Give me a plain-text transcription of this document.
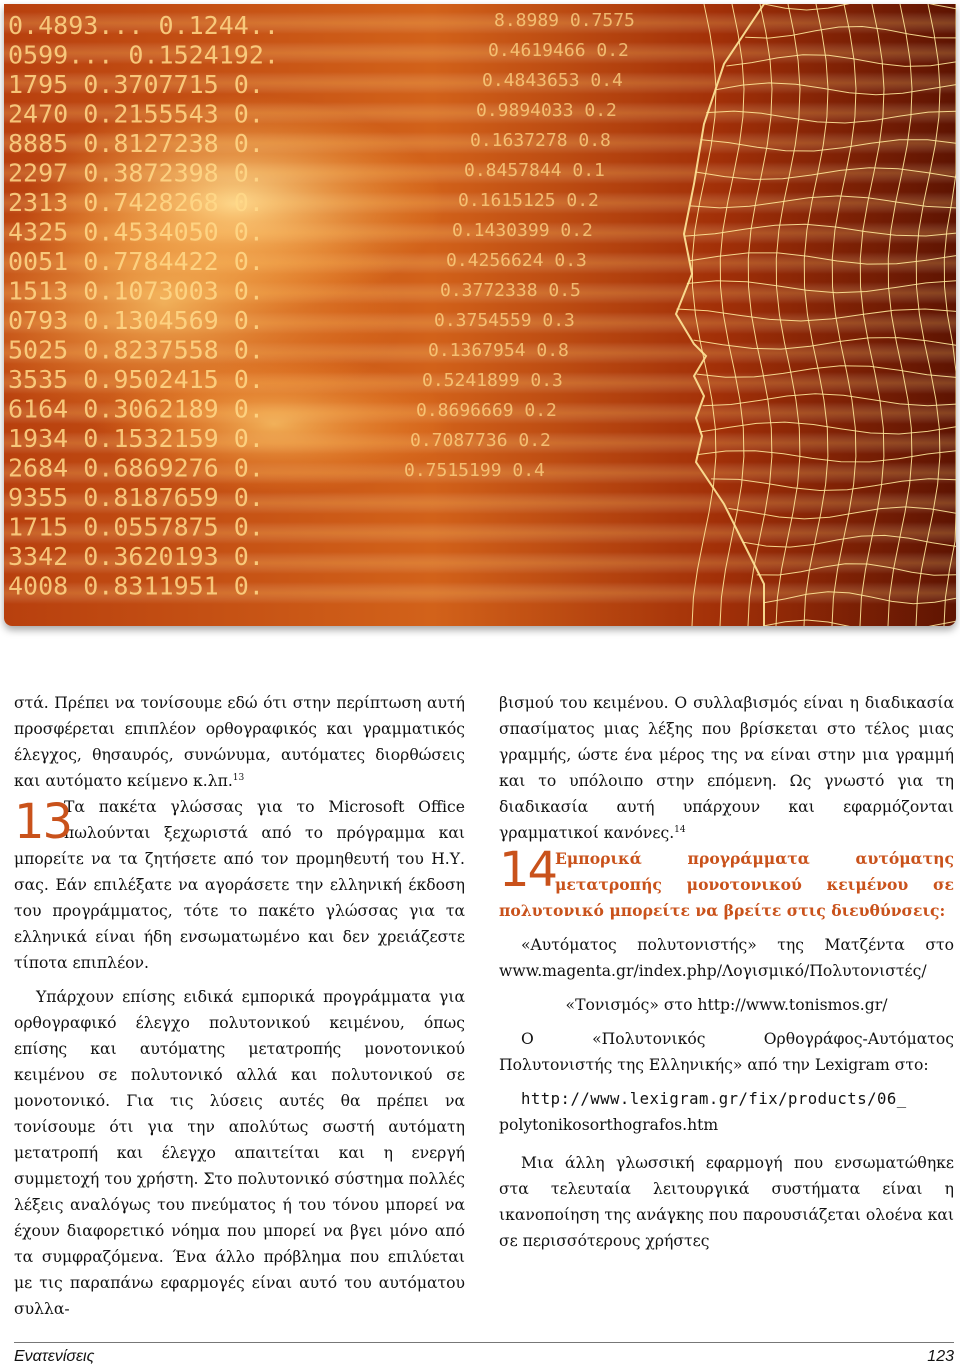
0.4893... 0.1244..
0599... 0.1524192.
1795 0.3707715 0.
2470 0.2155543 0.
8885 0.8127238 0.
2297 0.3872398 0.
2313 0.7428268 0.
4325 0.4534050 0.
0051 0.7784422 0.
1513 0.1073003 0.
0793 0.1304569 0.
5025 0.8237558 0.
3535 0.9502415 0.
6164 0.3062189 0.
1934 0.1532159 0.
2684 0.6869276 0.
9355 0.8187659 0.
1715 0.0557875 0.
3342 0.3620193 0.
4008 0.8311951 0.
8.8989 0.7575
0.4619466 0.2
0.4843653 0.4
0.9894033 0.2
0.1637278 0.8
0.8457844 0.1
0.1615125 0.2
0.1430399 0.2
0.4256624 0.3
0.3772338 0.5
0.3754559 0.3
0.1367954 0.8
0.5241899 0.3
0.8696669 0.2
0.7087736 0.2
0.7515199 0.4

στά. Πρέπει να τονίσουμε εδώ ότι στην περίπτωση αυτή προσφέρεται επιπλέον ορθογραφικός και γραμματικός έλεγχος, θησαυρός, συνώνυμα, αυτόματες διορθώσεις και αυτόματο κείμενο κ.λπ.$^{13}$

13

Τα πακέτα γλώσσας για το Microsoft Office πωλούνται ξεχωριστά από το πρόγραμμα και μπορείτε να τα ζητήσετε από τον προμηθευτή του Η.Υ. σας. Εάν επιλέξατε να αγοράσετε την ελληνική έκδοση του προγράμματος, τότε το πακέτο γλώσσας για τα ελληνικά είναι ήδη ενσωματωμένο και δεν χρειάζεστε τίποτα επιπλέον.

Υπάρχουν επίσης ειδικά εμπορικά προγράμματα για ορθογραφικό έλεγχο πολυτονικού κειμένου, όπως επίσης και αυτόματης μετατροπής μονοτονικού κειμένου σε πολυτονικό αλλά και πολυτονικού σε μονοτονικό. Για τις λύσεις αυτές θα πρέπει να τονίσουμε ότι για την απολύτως σωστή αυτόματη μετατροπή και έλεγχο απαιτείται και η ενεργή συμμετοχή του χρήστη. Στο πολυτονικό σύστημα πολλές λέξεις αναλόγως του πνεύματος ή του τόνου μπορεί να έχουν διαφορετικό νόημα που μπορεί να βγει μόνο από τα συμφραζόμενα. Ένα άλλο πρόβλημα που επιλύεται με τις παραπάνω εφαρμογές είναι αυτό του αυτόματου συλλα-

βισμού του κειμένου. Ο συλλαβισμός είναι η διαδικασία σπασίματος μιας λέξης που βρίσκεται στο τέλος μιας γραμμής, ώστε ένα μέρος της να είναι στην μια γραμμή και το υπόλοιπο στην επόμενη. Ως γνωστό για τη διαδικασία αυτή υπάρχουν και εφαρμόζονται γραμματικοί κανόνες.$^{14}$

14

Εμπορικά προγράμματα αυτόματης μετατροπής μονοτονικού κειμένου σε πολυτονικό μπορείτε να βρείτε στις διευθύνσεις:

«Αυτόματος πολυτονιστής» της Ματζέντα στο www.magenta.gr/index.php/Λογισμικό/Πολυτονιστές/

«Τονισμός» στο http://www.tonismos.gr/

Ο «Πολυτονικός Ορθογράφος-Αυτόματος Πολυτονιστής της Ελληνικής» από την Lexigram στο:

http://www.lexigram.gr/fix/products/06_

polytonikosorthografos.htm

Μια άλλη γλωσσική εφαρμογή που ενσωματώθηκε στα τελευταία λειτουργικά συστήματα είναι η ικανοποίηση της ανάγκης που παρουσιάζεται ολοένα και σε περισσότερους χρήστες

Ενατενίσεις	123
